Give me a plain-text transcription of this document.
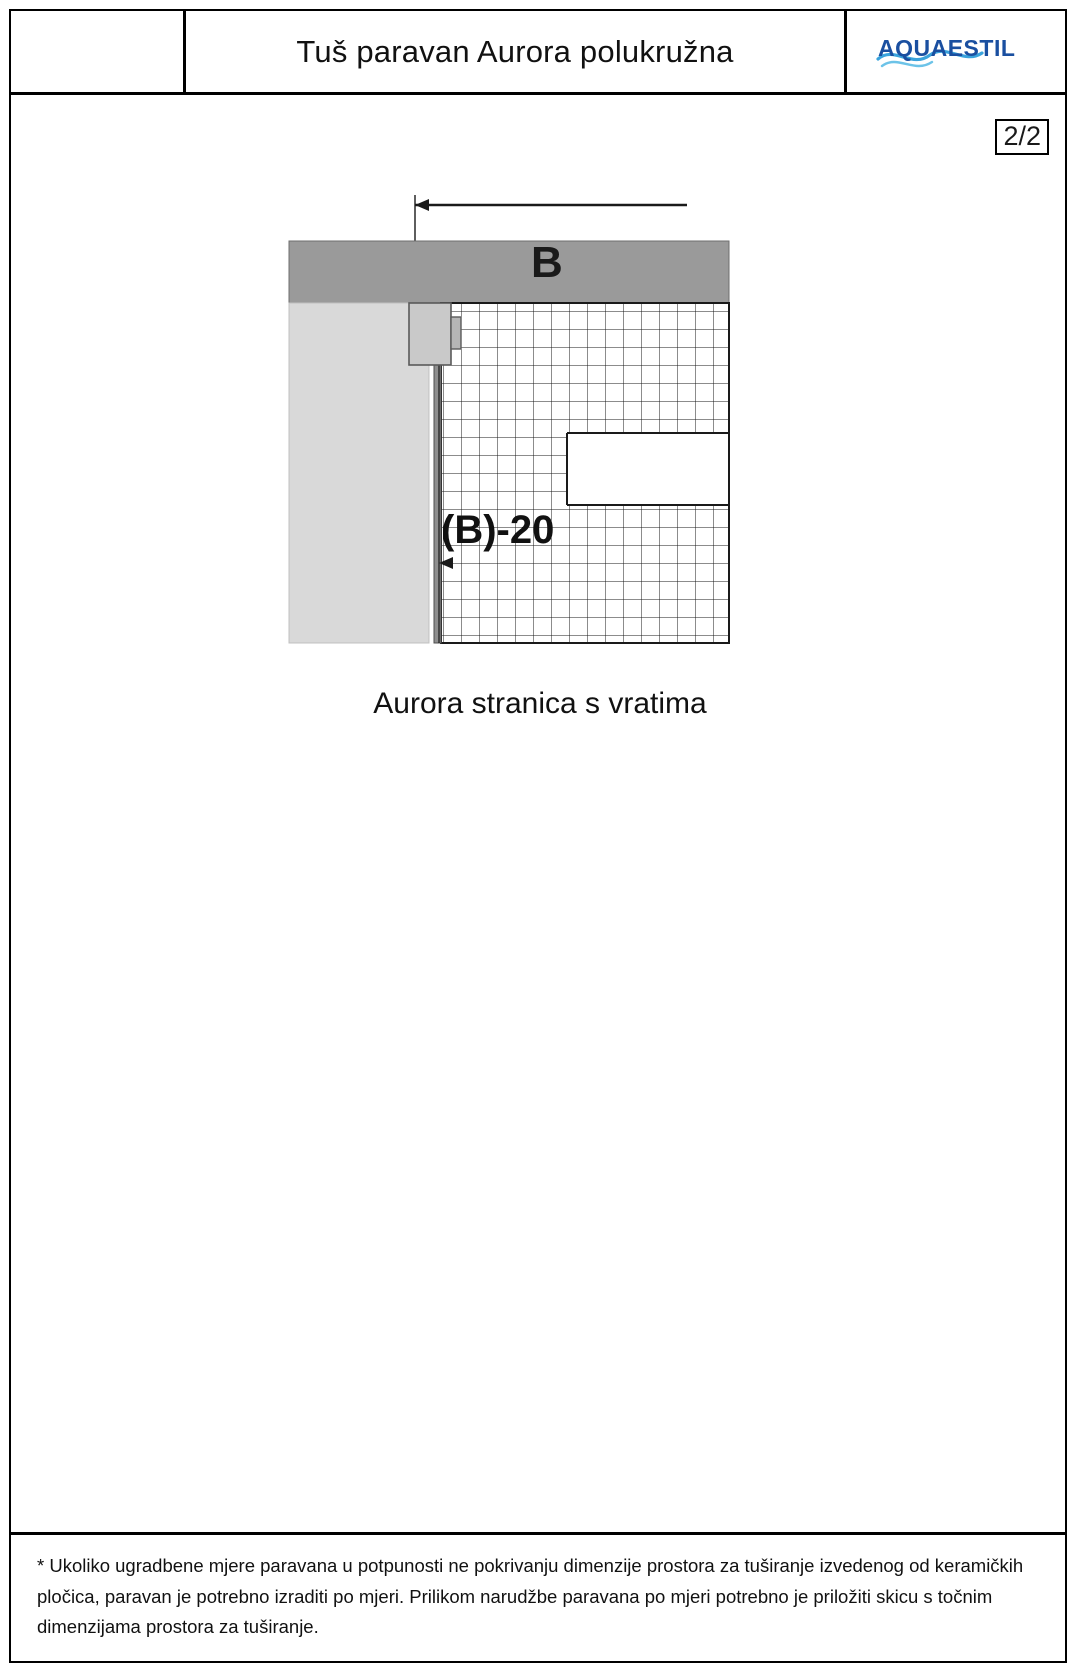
Tuš paravan Aurora polukružna	AQUAESTIL
2/2
(B)-20
B
Aurora stranica s vratima
* Ukoliko ugradbene mjere paravana u potpunosti ne pokrivanju dimenzije prostora za tuširanje izvedenog od keramičkih pločica, paravan je potrebno izraditi po mjeri. Prilikom narudžbe paravana po mjeri potrebno je priložiti skicu s točnim dimenzijama prostora za tuširanje.
